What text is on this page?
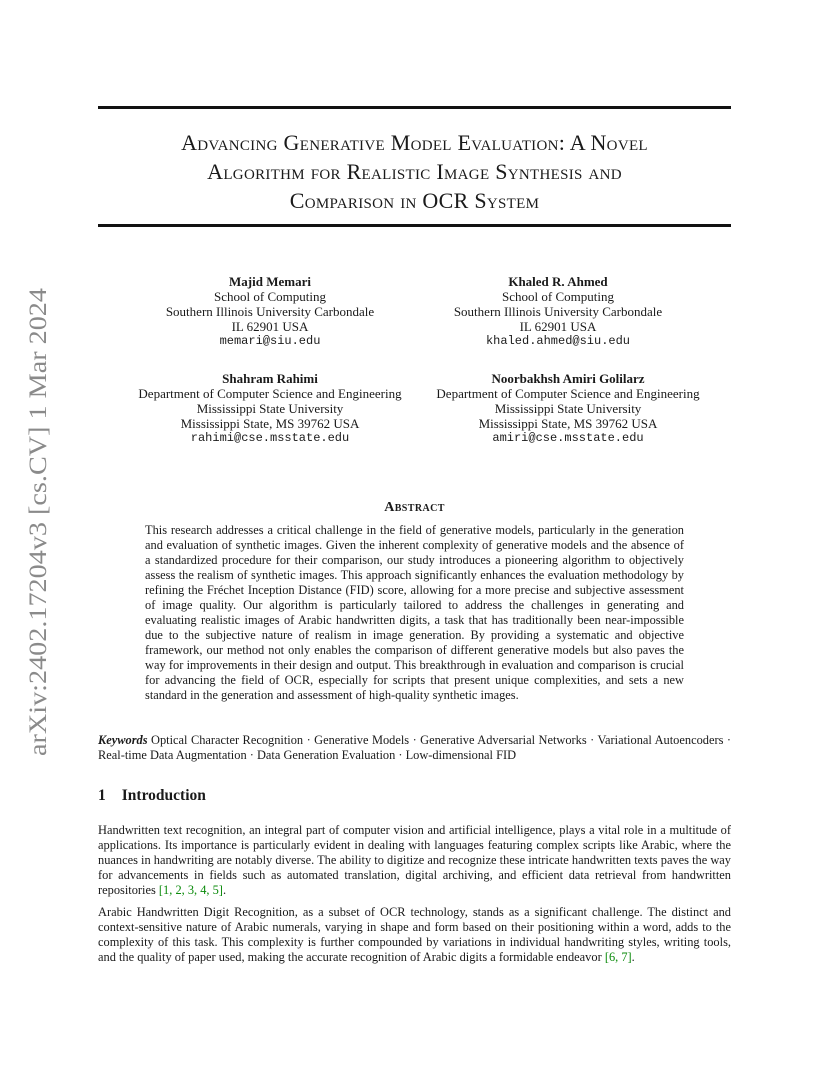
arXiv:2402.17204v3 [cs.CV] 1 Mar 2024
Advancing Generative Model Evaluation: A Novel
Algorithm for Realistic Image Synthesis and
Comparison in OCR System
Majid Memari
School of Computing
Southern Illinois University Carbondale
IL 62901 USA
memari@siu.edu
Khaled R. Ahmed
School of Computing
Southern Illinois University Carbondale
IL 62901 USA
khaled.ahmed@siu.edu
Shahram Rahimi
Department of Computer Science and Engineering
Mississippi State University
Mississippi State, MS 39762 USA
rahimi@cse.msstate.edu
Noorbakhsh Amiri Golilarz
Department of Computer Science and Engineering
Mississippi State University
Mississippi State, MS 39762 USA
amiri@cse.msstate.edu
Abstract
This research addresses a critical challenge in the field of generative models, particularly in the generation and evaluation of synthetic images. Given the inherent complexity of generative models and the absence of a standardized procedure for their comparison, our study introduces a pioneering algorithm to objectively assess the realism of synthetic images. This approach significantly enhances the evaluation methodology by refining the Fréchet Inception Distance (FID) score, allowing for a more precise and subjective assessment of image quality. Our algorithm is particularly tailored to address the challenges in generating and evaluating realistic images of Arabic handwritten digits, a task that has traditionally been near-impossible due to the subjective nature of realism in image generation. By providing a systematic and objective framework, our method not only enables the comparison of different generative models but also paves the way for improvements in their design and output. This breakthrough in evaluation and comparison is crucial for advancing the field of OCR, especially for scripts that present unique complexities, and sets a new standard in the generation and assessment of high-quality synthetic images.
Keywords Optical Character Recognition · Generative Models · Generative Adversarial Networks · Variational Autoencoders · Real-time Data Augmentation · Data Generation Evaluation · Low-dimensional FID
1 Introduction
Handwritten text recognition, an integral part of computer vision and artificial intelligence, plays a vital role in a multitude of applications. Its importance is particularly evident in dealing with languages featuring complex scripts like Arabic, where the nuances in handwriting are notably diverse. The ability to digitize and recognize these intricate handwritten texts paves the way for advancements in fields such as automated translation, digital archiving, and efficient data retrieval from handwritten repositories [1, 2, 3, 4, 5].
Arabic Handwritten Digit Recognition, as a subset of OCR technology, stands as a significant challenge. The distinct and context-sensitive nature of Arabic numerals, varying in shape and form based on their positioning within a word, adds to the complexity of this task. This complexity is further compounded by variations in individual handwriting styles, writing tools, and the quality of paper used, making the accurate recognition of Arabic digits a formidable endeavor [6, 7].
